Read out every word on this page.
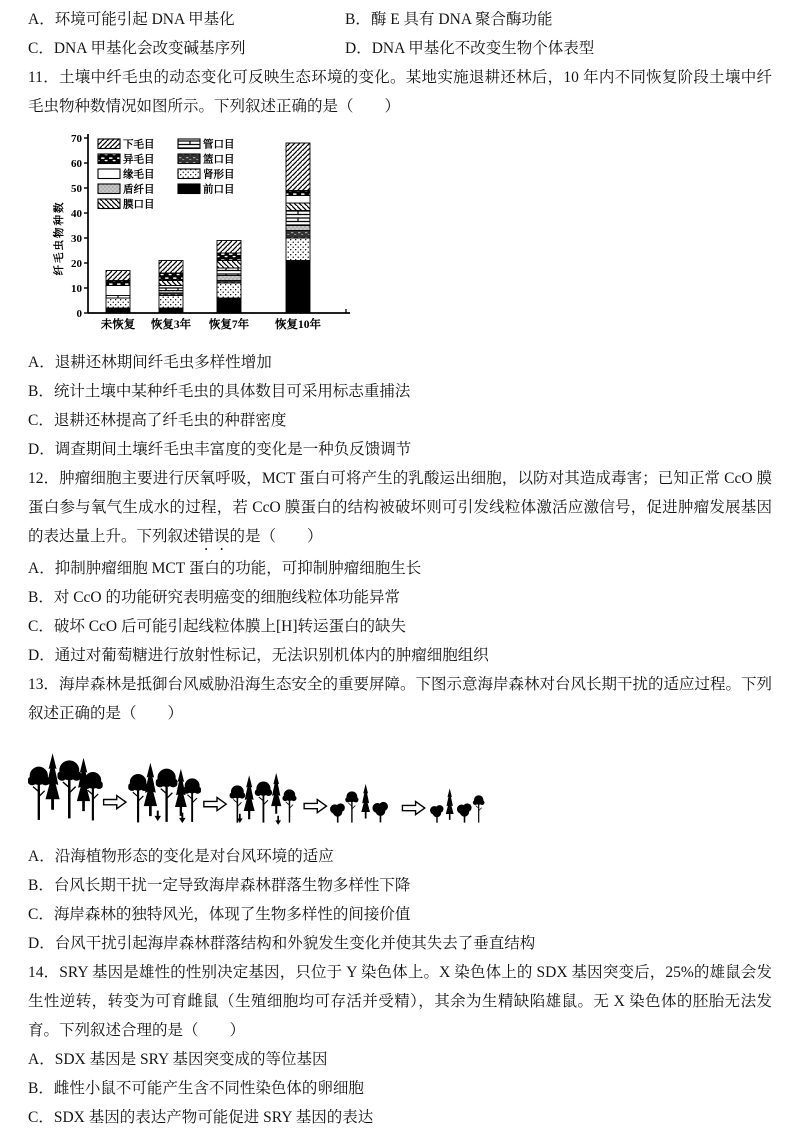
A．环境可能引起 DNA 甲基化	B．酶 E 具有 DNA 聚合酶功能

C．DNA 甲基化会改变碱基序列	D．DNA 甲基化不改变生物个体表型

11．土壤中纤毛虫的动态变化可反映生态环境的变化。某地实施退耕还林后，10 年内不同恢复阶段土壤中纤毛虫物种数情况如图所示。下列叙述正确的是（　　）

0
10
20
30
40
50
60
70
纤毛虫物种数
未恢复 恢复3年 恢复7年 恢复10年
下毛目
异毛目
缘毛目
盾纤目
膜口目
管口目
篮口目
肾形目
前口目

A．退耕还林期间纤毛虫多样性增加

B．统计土壤中某种纤毛虫的具体数目可采用标志重捕法

C．退耕还林提高了纤毛虫的种群密度

D．调查期间土壤纤毛虫丰富度的变化是一种负反馈调节

12．肿瘤细胞主要进行厌氧呼吸，MCT 蛋白可将产生的乳酸运出细胞，以防对其造成毒害；已知正常 CcO 膜蛋白参与氧气生成水的过程，若 CcO 膜蛋白的结构被破坏则可引发线粒体激活应激信号，促进肿瘤发展基因的表达量上升。下列叙述错误的是（　　）

A．抑制肿瘤细胞 MCT 蛋白的功能，可抑制肿瘤细胞生长

B．对 CcO 的功能研究表明癌变的细胞线粒体功能异常

C．破坏 CcO 后可能引起线粒体膜上[H]转运蛋白的缺失

D．通过对葡萄糖进行放射性标记，无法识别机体内的肿瘤细胞组织

13．海岸森林是抵御台风威胁沿海生态安全的重要屏障。下图示意海岸森林对台风长期干扰的适应过程。下列叙述正确的是（　　）

A．沿海植物形态的变化是对台风环境的适应

B．台风长期干扰一定导致海岸森林群落生物多样性下降

C．海岸森林的独特风光，体现了生物多样性的间接价值

D．台风干扰引起海岸森林群落结构和外貌发生变化并使其失去了垂直结构

14．SRY 基因是雄性的性别决定基因，只位于 Y 染色体上。X 染色体上的 SDX 基因突变后，25%的雄鼠会发生性逆转，转变为可育雌鼠（生殖细胞均可存活并受精），其余为生精缺陷雄鼠。无 X 染色体的胚胎无法发育。下列叙述合理的是（　　）

A．SDX 基因是 SRY 基因突变成的等位基因

B．雌性小鼠不可能产生含不同性染色体的卵细胞

C．SDX 基因的表达产物可能促进 SRY 基因的表达
